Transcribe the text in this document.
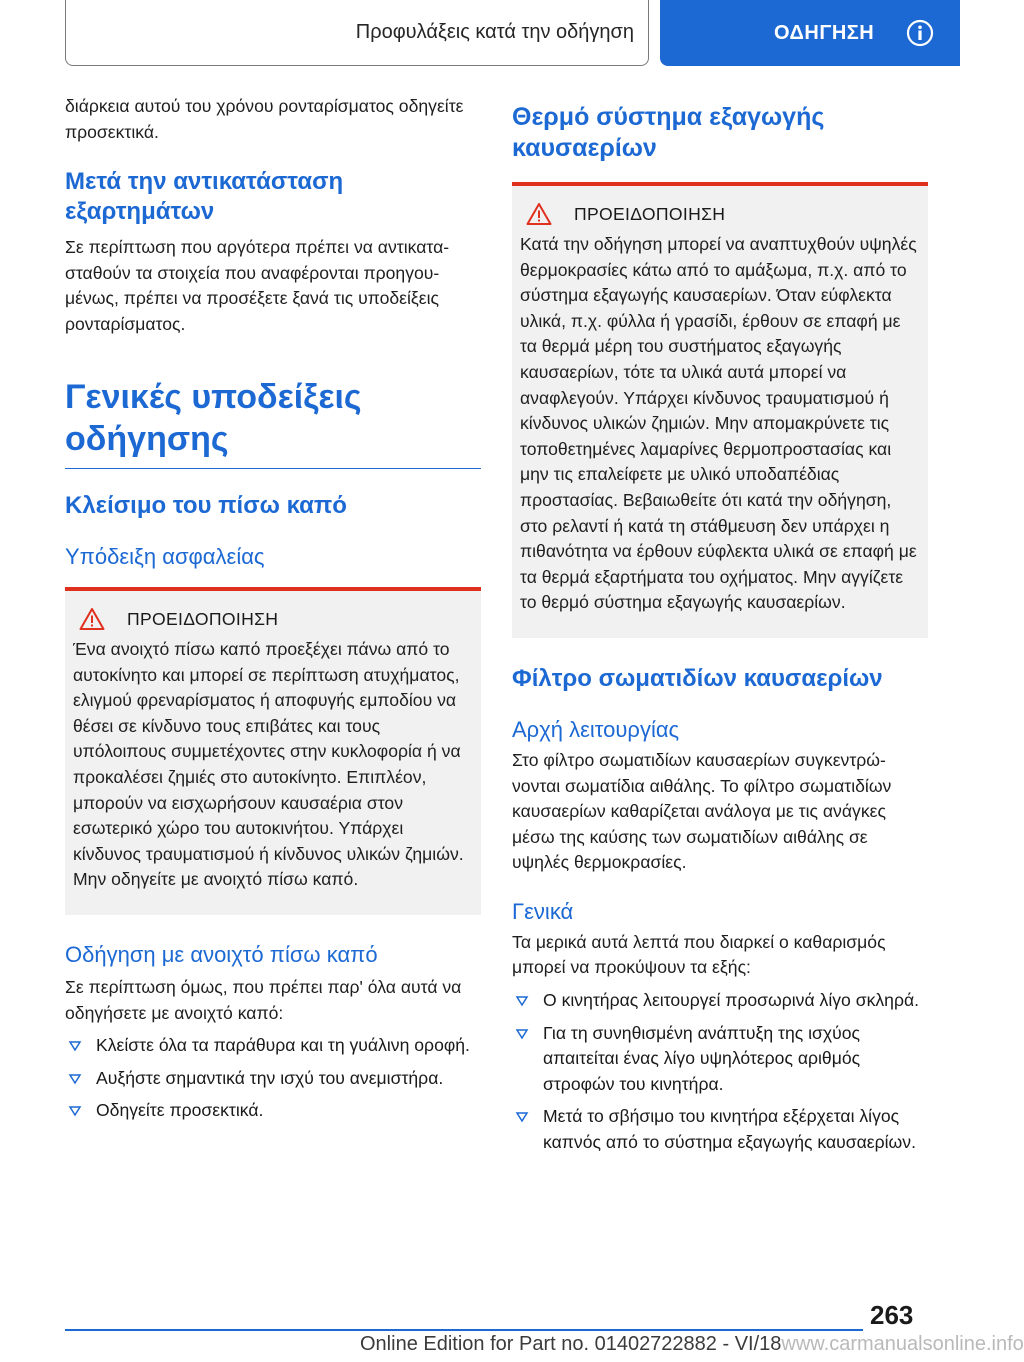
Προφυλάξεις κατά την οδήγηση	ΟΔΗΓΗΣΗ

διάρκεια αυτού του χρόνου ρονταρίσματος οδηγείτε προσεκτικά.

Μετά την αντικατάσταση εξαρτημάτων

Σε περίπτωση που αργότερα πρέπει να αντικατασταθούν τα στοιχεία που αναφέρονται προηγουμένως, πρέπει να προσέξετε ξανά τις υποδείξεις ρονταρίσματος.

Γενικές υποδείξεις οδήγησης
Κλείσιμο του πίσω καπό
Υπόδειξη ασφαλείας
ΠΡΟΕΙΔΟΠΟΙΗΣΗ

Ένα ανοιχτό πίσω καπό προεξέχει πάνω από το αυτοκίνητο και μπορεί σε περίπτωση ατυχήματος, ελιγμού φρεναρίσματος ή αποφυγής εμποδίου να θέσει σε κίνδυνο τους επιβάτες και τους υπόλοιπους συμμετέχοντες στην κυκλοφορία ή να προκαλέσει ζημιές στο αυτοκίνητο. Επιπλέον, μπορούν να εισχωρήσουν καυσαέρια στον εσωτερικό χώρο του αυτοκινήτου. Υπάρχει κίνδυνος τραυματισμού ή κίνδυνος υλικών ζημιών. Μην οδηγείτε με ανοιχτό πίσω καπό.

Οδήγηση με ανοιχτό πίσω καπό

Σε περίπτωση όμως, που πρέπει παρ' όλα αυτά να οδηγήσετε με ανοιχτό καπό:

Κλείστε όλα τα παράθυρα και τη γυάλινη οροφή.
Αυξήστε σημαντικά την ισχύ του ανεμιστήρα.
Οδηγείτε προσεκτικά.
Θερμό σύστημα εξαγωγής καυσαερίων
ΠΡΟΕΙΔΟΠΟΙΗΣΗ

Κατά την οδήγηση μπορεί να αναπτυχθούν υψηλές θερμοκρασίες κάτω από το αμάξωμα, π.χ. από το σύστημα εξαγωγής καυσαερίων. Όταν εύφλεκτα υλικά, π.χ. φύλλα ή γρασίδι, έρθουν σε επαφή με τα θερμά μέρη του συστήματος εξαγωγής καυσαερίων, τότε τα υλικά αυτά μπορεί να αναφλεγούν. Υπάρχει κίνδυνος τραυματισμού ή κίνδυνος υλικών ζημιών. Μην απομακρύνετε τις τοποθετημένες λαμαρίνες θερμοπροστασίας και μην τις επαλείφετε με υλικό υποδαπέδιας προστασίας. Βεβαιωθείτε ότι κατά την οδήγηση, στο ρελαντί ή κατά τη στάθμευση δεν υπάρχει η πιθανότητα να έρθουν εύφλεκτα υλικά σε επαφή με τα θερμά εξαρτήματα του οχήματος. Μην αγγίζετε το θερμό σύστημα εξαγωγής καυσαερίων.

Φίλτρο σωματιδίων καυσαερίων
Αρχή λειτουργίας

Στο φίλτρο σωματιδίων καυσαερίων συγκεντρώνονται σωματίδια αιθάλης. Το φίλτρο σωματιδίων καυσαερίων καθαρίζεται ανάλογα με τις ανάγκες μέσω της καύσης των σωματιδίων αιθάλης σε υψηλές θερμοκρασίες.

Γενικά

Τα μερικά αυτά λεπτά που διαρκεί ο καθαρισμός μπορεί να προκύψουν τα εξής:

Ο κινητήρας λειτουργεί προσωρινά λίγο σκληρά.
Για τη συνηθισμένη ανάπτυξη της ισχύος απαιτείται ένας λίγο υψηλότερος αριθμός στροφών του κινητήρα.
Μετά το σβήσιμο του κινητήρα εξέρχεται λίγος καπνός από το σύστημα εξαγωγής καυσαερίων.
263
Online Edition for Part no. 01402722882 - VI/18www.carmanualsonline.info
